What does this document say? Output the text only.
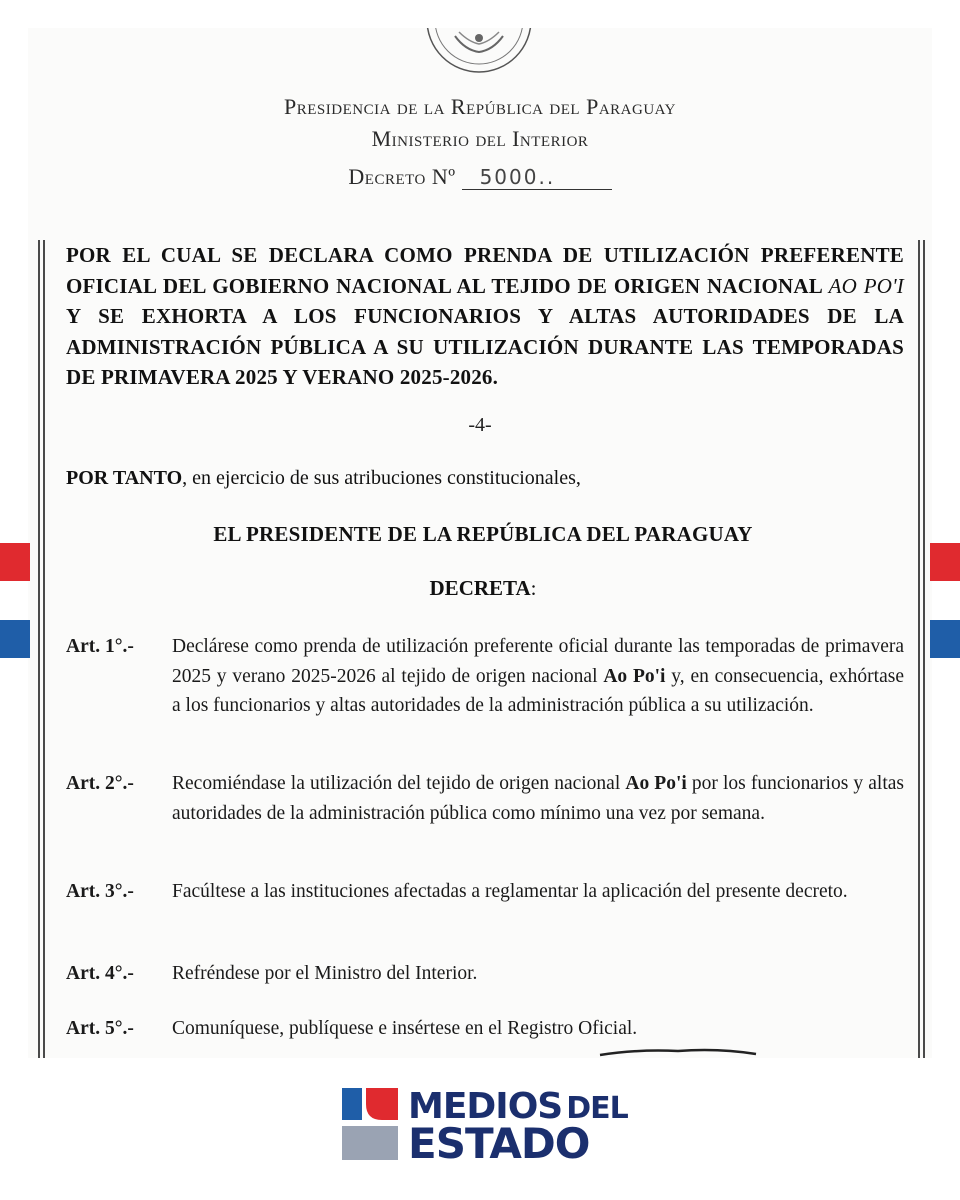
Presidencia de la República del Paraguay
Ministerio del Interior
Decreto Nº 5000..
POR EL CUAL SE DECLARA COMO PRENDA DE UTILIZACIÓN PREFERENTE OFICIAL DEL GOBIERNO NACIONAL AL TEJIDO DE ORIGEN NACIONAL AO PO'I Y SE EXHORTA A LOS FUNCIONARIOS Y ALTAS AUTORIDADES DE LA ADMINISTRACIÓN PÚBLICA A SU UTILIZACIÓN DURANTE LAS TEMPORADAS DE PRIMAVERA 2025 Y VERANO 2025-2026.
-4-
POR TANTO, en ejercicio de sus atribuciones constitucionales,
EL PRESIDENTE DE LA REPÚBLICA DEL PARAGUAY
DECRETA:
Art. 1°.- Declárese como prenda de utilización preferente oficial durante las temporadas de primavera 2025 y verano 2025-2026 al tejido de origen nacional Ao Po'i y, en consecuencia, exhórtase a los funcionarios y altas autoridades de la administración pública a su utilización.
Art. 2°.- Recomiéndase la utilización del tejido de origen nacional Ao Po'i por los funcionarios y altas autoridades de la administración pública como mínimo una vez por semana.
Art. 3°.- Facúltese a las instituciones afectadas a reglamentar la aplicación del presente decreto.
Art. 4°.- Refréndese por el Ministro del Interior.
Art. 5°.- Comuníquese, publíquese e insértese en el Registro Oficial.
MEDIOS DEL
ESTADO
